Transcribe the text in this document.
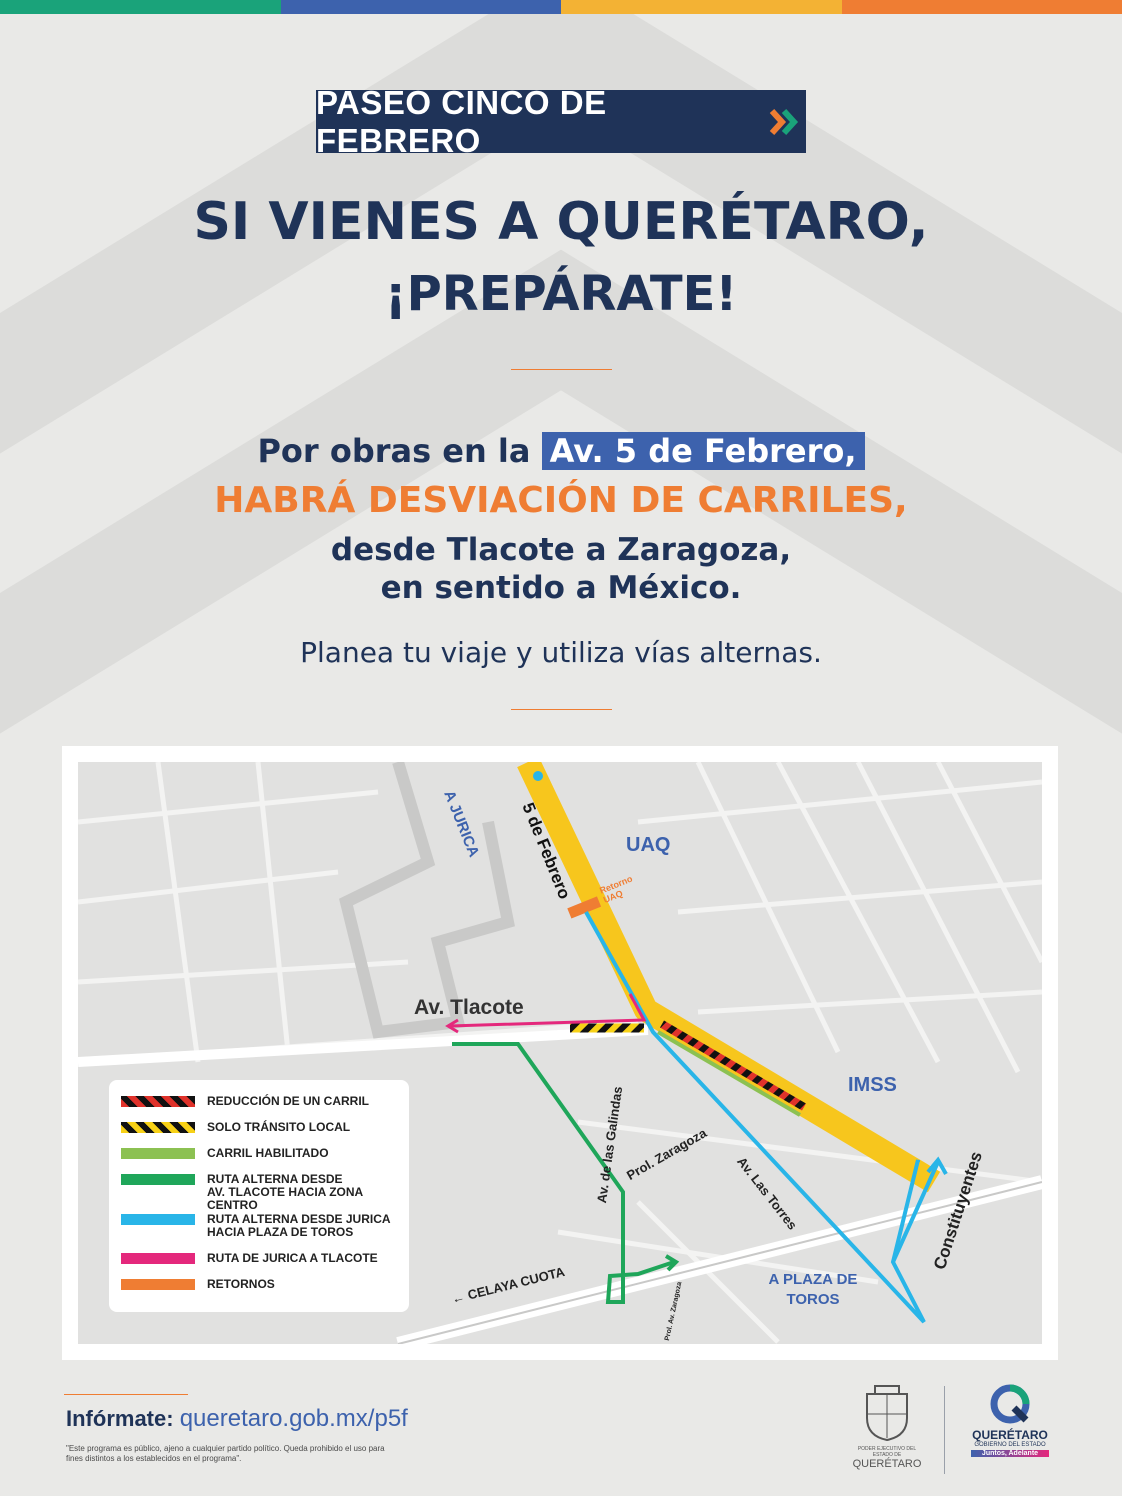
PASEO CINCO DE FEBRERO
SI VIENES A QUERÉTARO,
¡PREPÁRATE!
Por obras en la Av. 5 de Febrero,
HABRÁ DESVIACIÓN DE CARRILES,
desde Tlacote a Zaragoza,
en sentido a México.
Planea tu viaje y utiliza vías alternas.
A JURICA 5 de Febrero	UAQ
Retorno UAQ
Av. Tlacote
IMSS
Av. de las Galindas
Prol. Zaragoza Av. Las Torres	Constituyentes
← CELAYA CUOTA	Prol. Av. Zaragoza
A PLAZA DE TOROS
REDUCCIÓN DE UN CARRIL
SOLO TRÁNSITO LOCAL
CARRIL HABILITADO
RUTA ALTERNA DESDE
AV. TLACOTE HACIA ZONA CENTRO
RUTA ALTERNA DESDE JURICA
HACIA PLAZA DE TOROS
RUTA DE JURICA A TLACOTE
RETORNOS
Infórmate: queretaro.gob.mx/p5f
"Este programa es público, ajeno a cualquier partido político. Queda prohibido el uso para fines distintos a los establecidos en el programa".
PODER EJECUTIVO DEL ESTADO DE
QUERÉTARO
QUERÉTARO
GOBIERNO DEL ESTADO
Juntos, Adelante
